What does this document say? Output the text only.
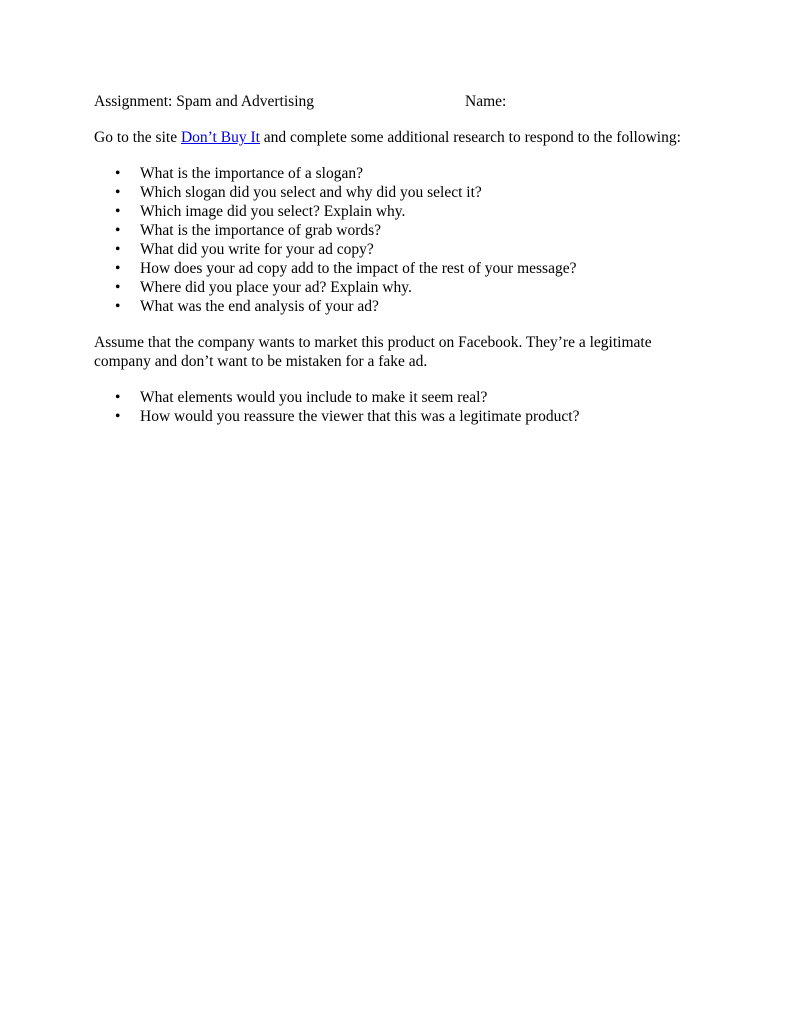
Assignment: Spam and Advertising	Name:
Go to the site Don’t Buy It and complete some additional research to respond to the following:
• What is the importance of a slogan?
• Which slogan did you select and why did you select it?
• Which image did you select? Explain why.
• What is the importance of grab words?
• What did you write for your ad copy?
• How does your ad copy add to the impact of the rest of your message?
• Where did you place your ad? Explain why.
• What was the end analysis of your ad?
Assume that the company wants to market this product on Facebook. They’re a legitimate
company and don’t want to be mistaken for a fake ad.
• What elements would you include to make it seem real?
• How would you reassure the viewer that this was a legitimate product?
